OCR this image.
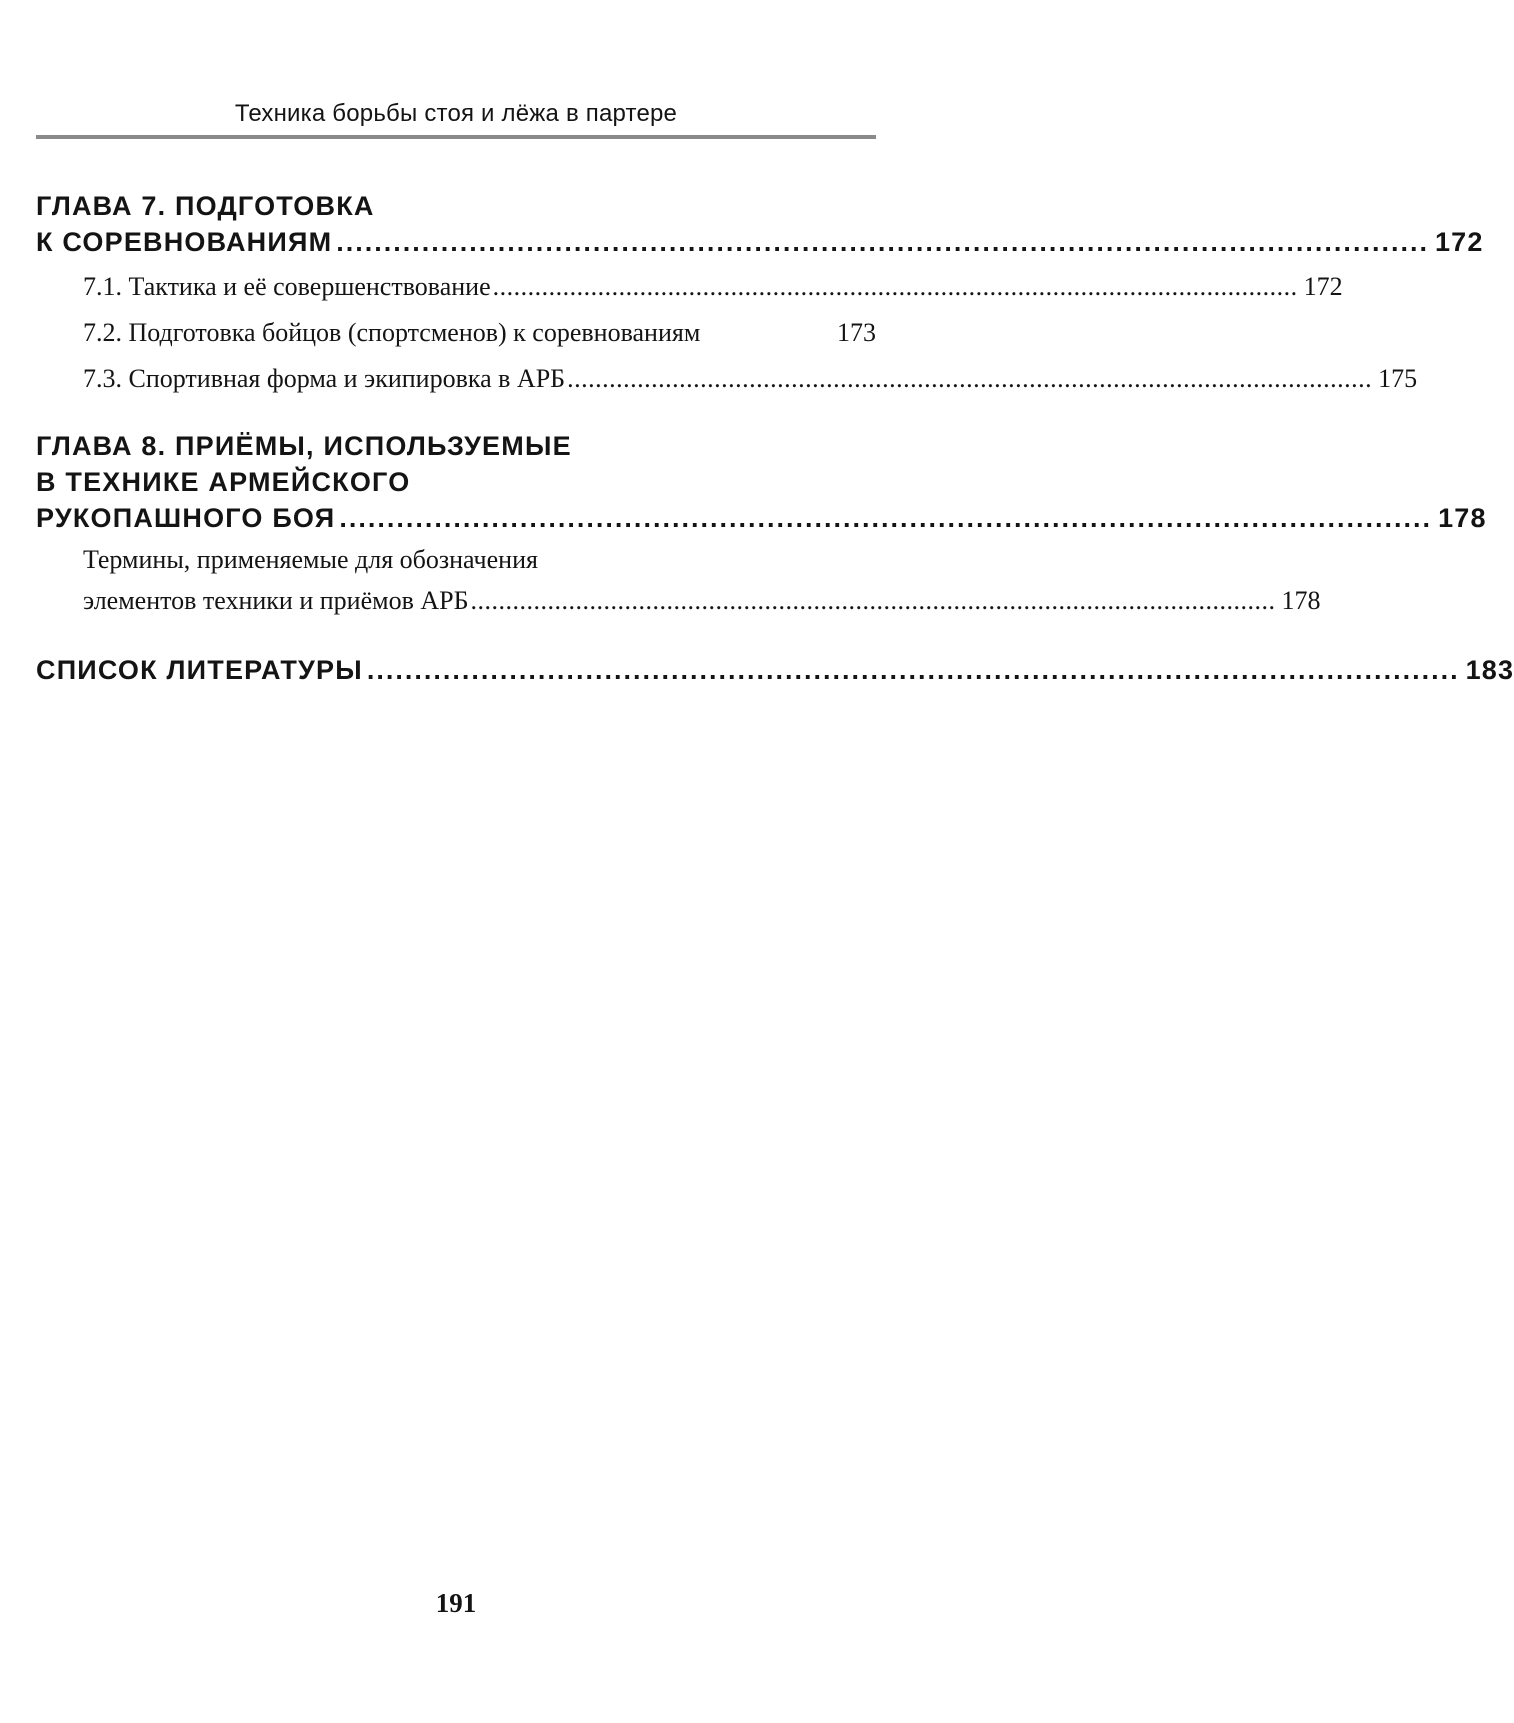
Техника борьбы стоя и лёжа в партере
ГЛАВА 7. ПОДГОТОВКА
К СОРЕВНОВАНИЯМ ................................................................................................................... 172
7.1. Тактика и её совершенствование ................................................................................................................... 172
7.2. Подготовка бойцов (спортсменов) к соревнованиям	173
7.3. Спортивная форма и экипировка в АРБ ................................................................................................................... 175
ГЛАВА 8. ПРИЁМЫ, ИСПОЛЬЗУЕМЫЕ
В ТЕХНИКЕ АРМЕЙСКОГО
РУКОПАШНОГО БОЯ ................................................................................................................... 178
Термины, применяемые для обозначения
элементов техники и приёмов АРБ ................................................................................................................... 178
СПИСОК ЛИТЕРАТУРЫ ................................................................................................................... 183
191
